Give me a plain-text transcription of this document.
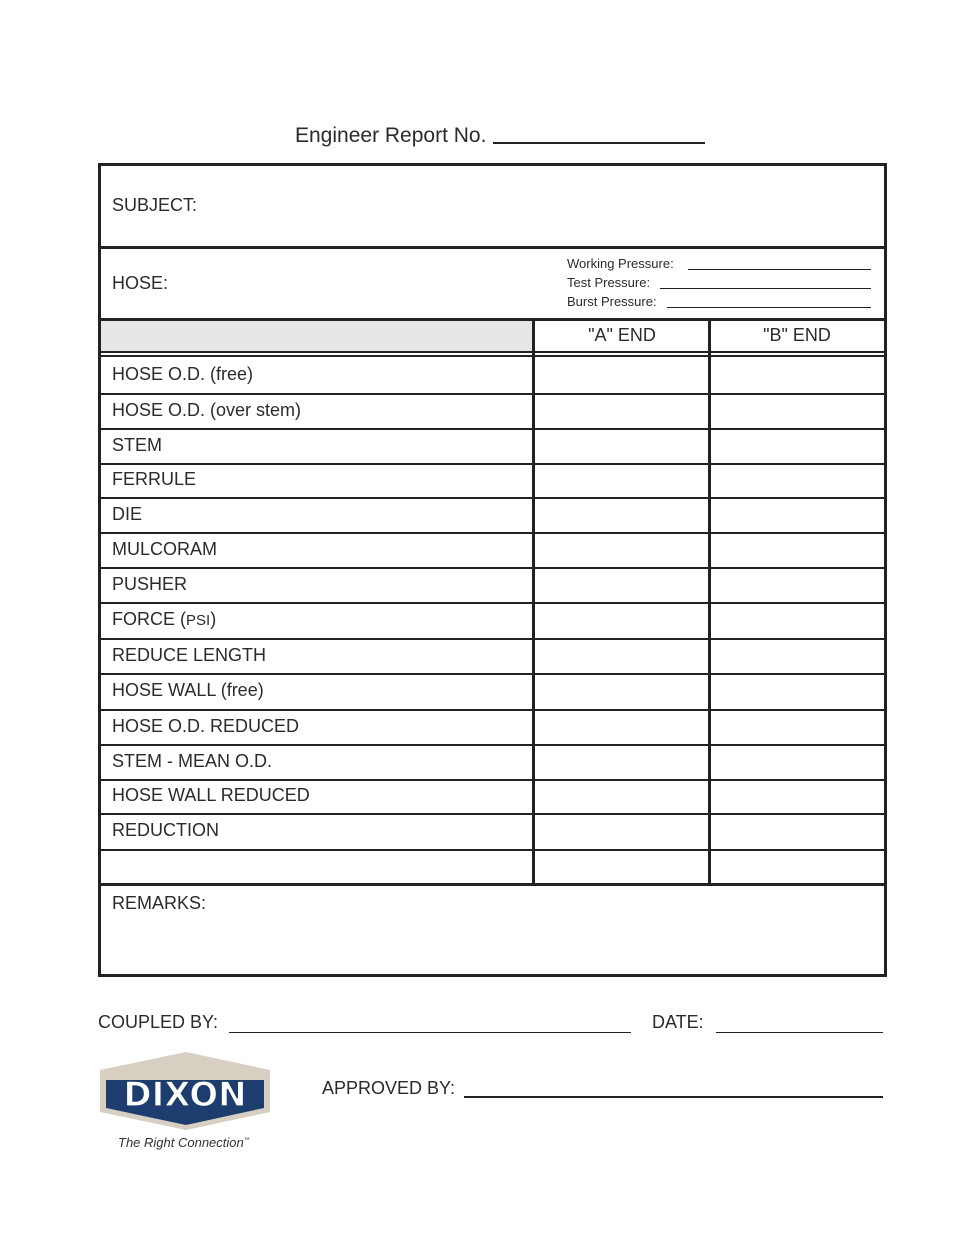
Engineer Report No.
SUBJECT:
HOSE:
Working Pressure:
Test Pressure:
Burst Pressure:
"A" END	"B" END
HOSE O.D. (free)
HOSE O.D. (over stem)
STEM
FERRULE
DIE
MULCORAM
PUSHER
FORCE (PSI)
REDUCE LENGTH
HOSE WALL (free)
HOSE O.D. REDUCED
STEM - MEAN O.D.
HOSE WALL REDUCED
REDUCTION
REMARKS:
COUPLED BY:	DATE:
APPROVED BY:
DIXON
The Right Connection™
